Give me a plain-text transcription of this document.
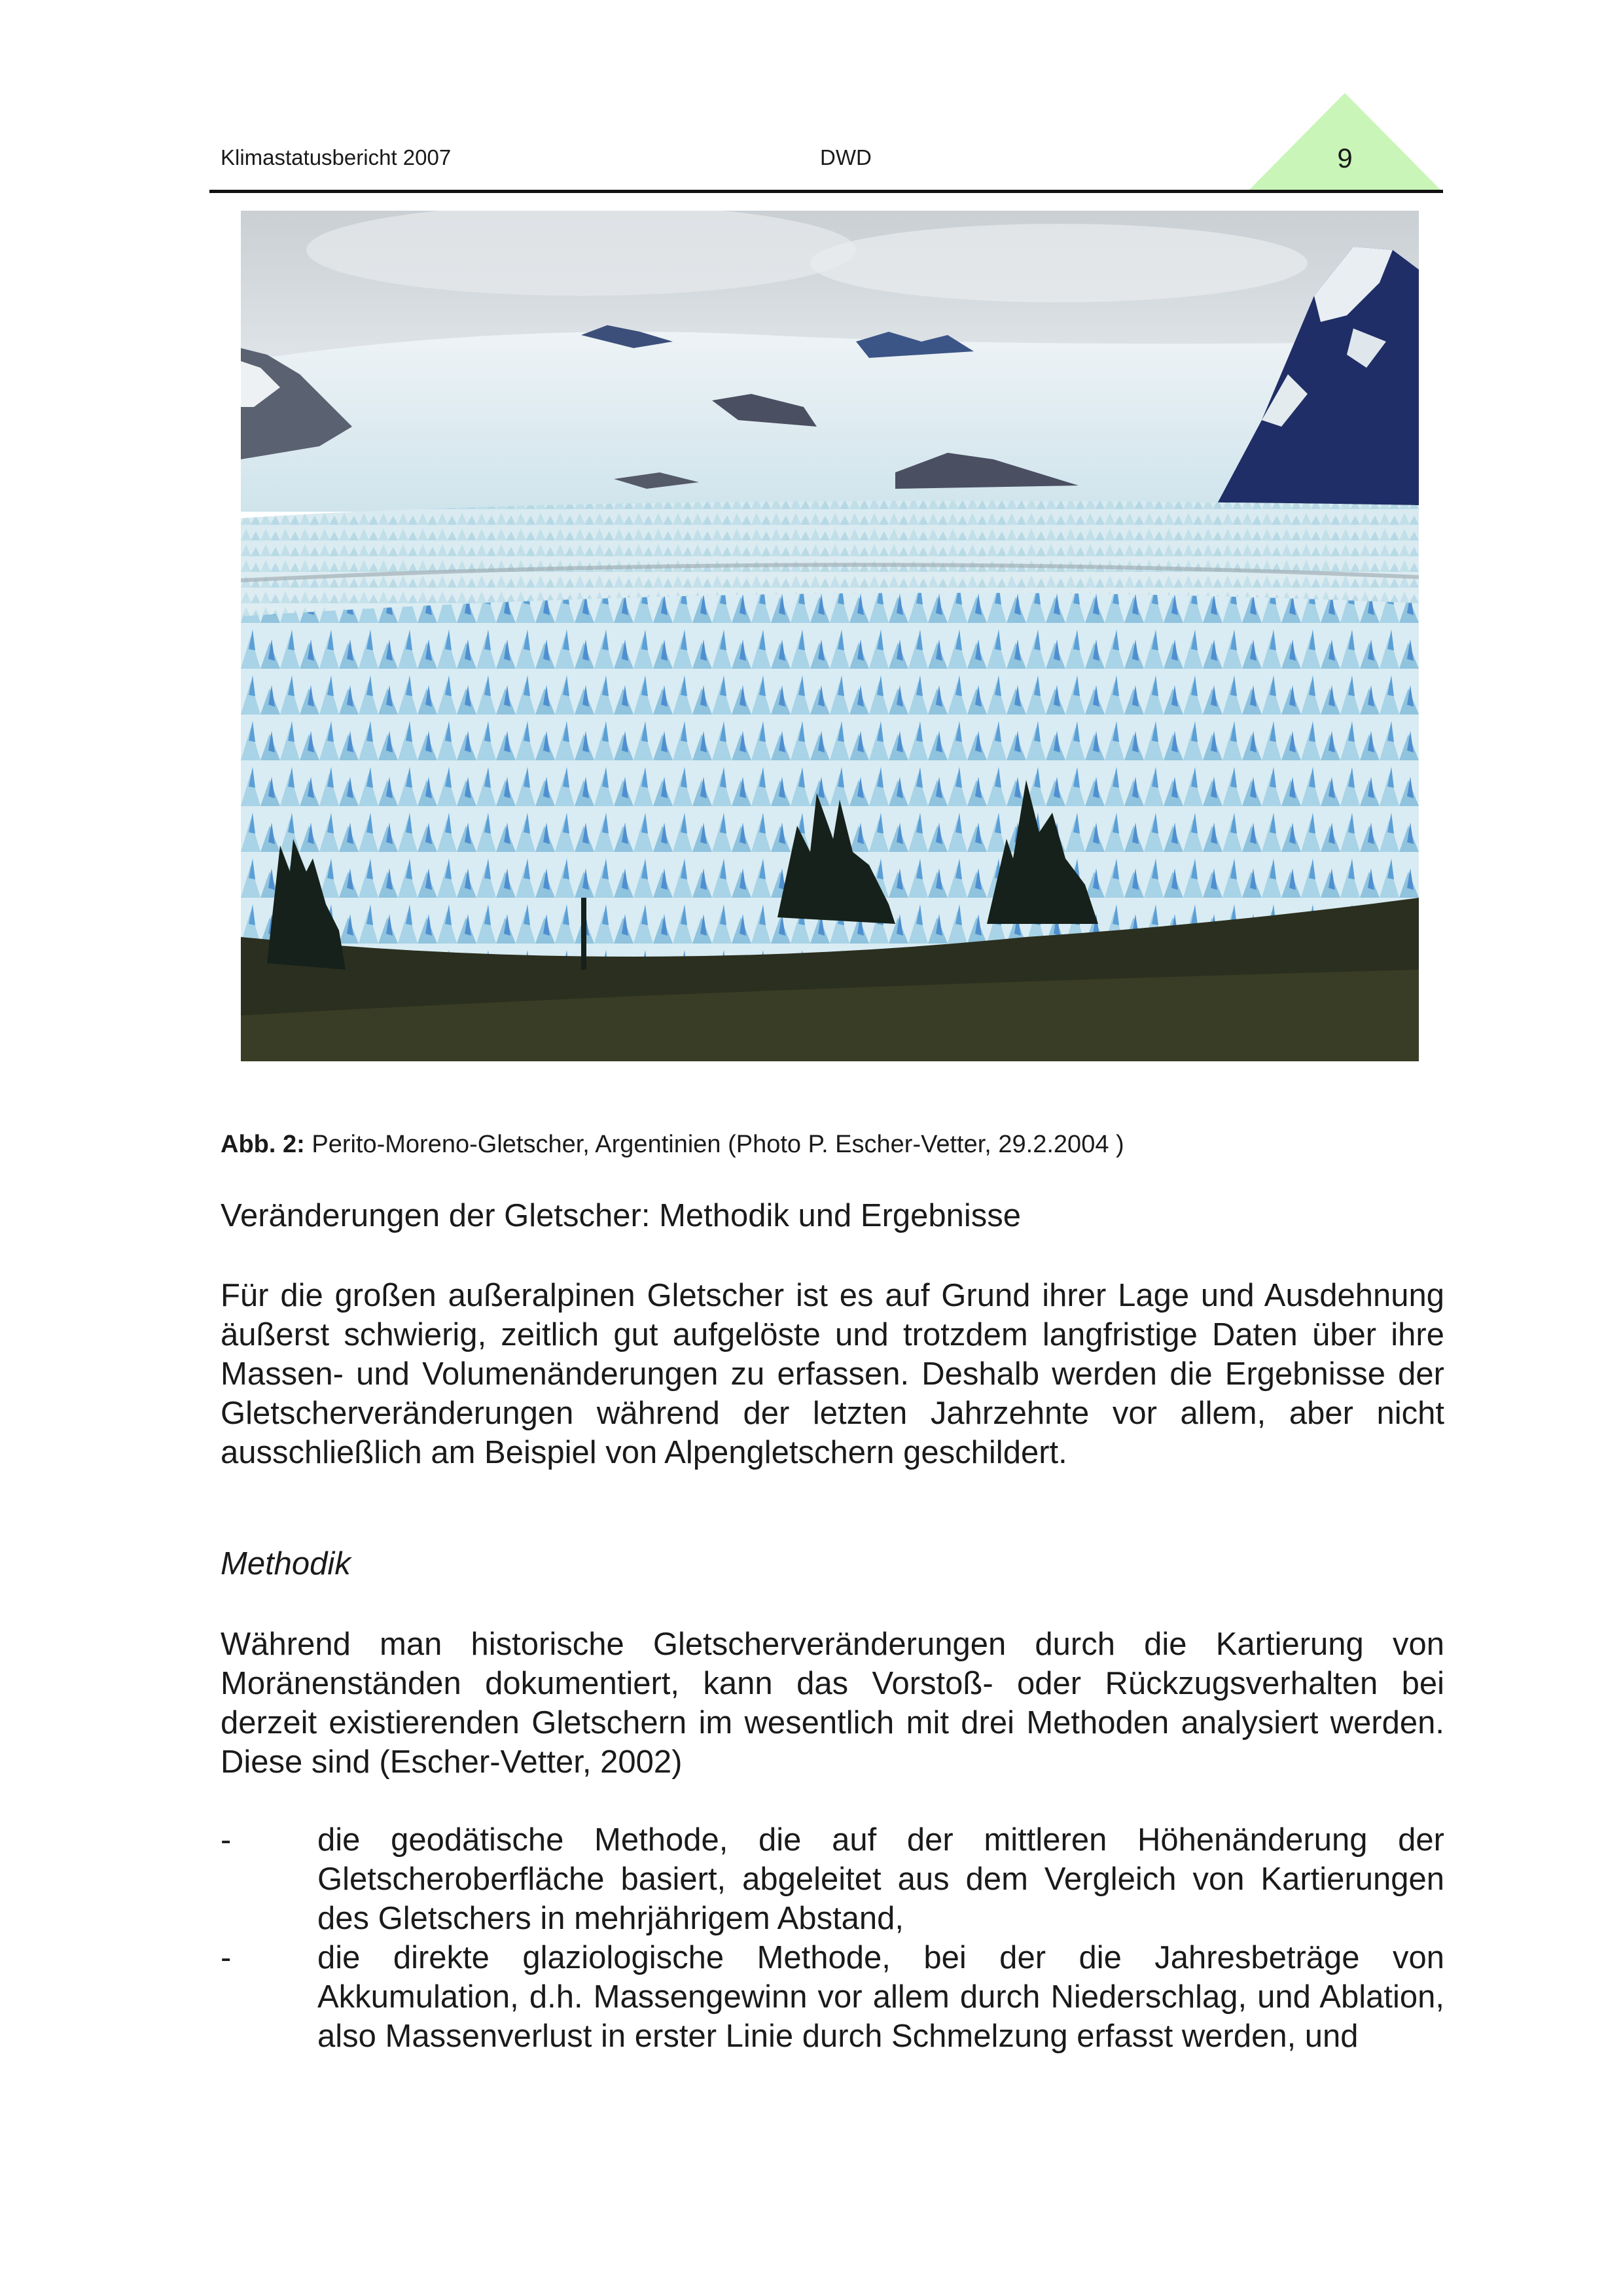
Klimastatusbericht 2007	DWD	9
Abb. 2: Perito-Moreno-Gletscher, Argentinien (Photo P. Escher-Vetter, 29.2.2004 )
Veränderungen der Gletscher: Methodik und Ergebnisse

Für die großen außeralpinen Gletscher ist es auf Grund ihrer Lage und Ausdehnung äußerst schwierig, zeitlich gut aufgelöste und trotzdem langfristige Daten über ihre Massen- und Volumenänderungen zu erfassen. Deshalb werden die Ergebnisse der Gletscherveränderungen während der letzten Jahrzehnte vor allem, aber nicht ausschließlich am Beispiel von Alpengletschern geschildert.

Methodik

Während man historische Gletscherveränderungen durch die Kartierung von Moränenständen dokumentiert, kann das Vorstoß- oder Rückzugsverhalten bei derzeit existierenden Gletschern im wesentlich mit drei Methoden analysiert werden. Diese sind (Escher-Vetter, 2002)

-	die geodätische Methode, die auf der mittleren Höhenänderung der Gletscheroberfläche basiert, abgeleitet aus dem Vergleich von Kartierungen des Gletschers in mehrjährigem Abstand,
-	die direkte glaziologische Methode, bei der die Jahresbeträge von Akkumulation, d.h. Massengewinn vor allem durch Niederschlag, und Ablation, also Massenverlust in erster Linie durch Schmelzung erfasst werden, und
